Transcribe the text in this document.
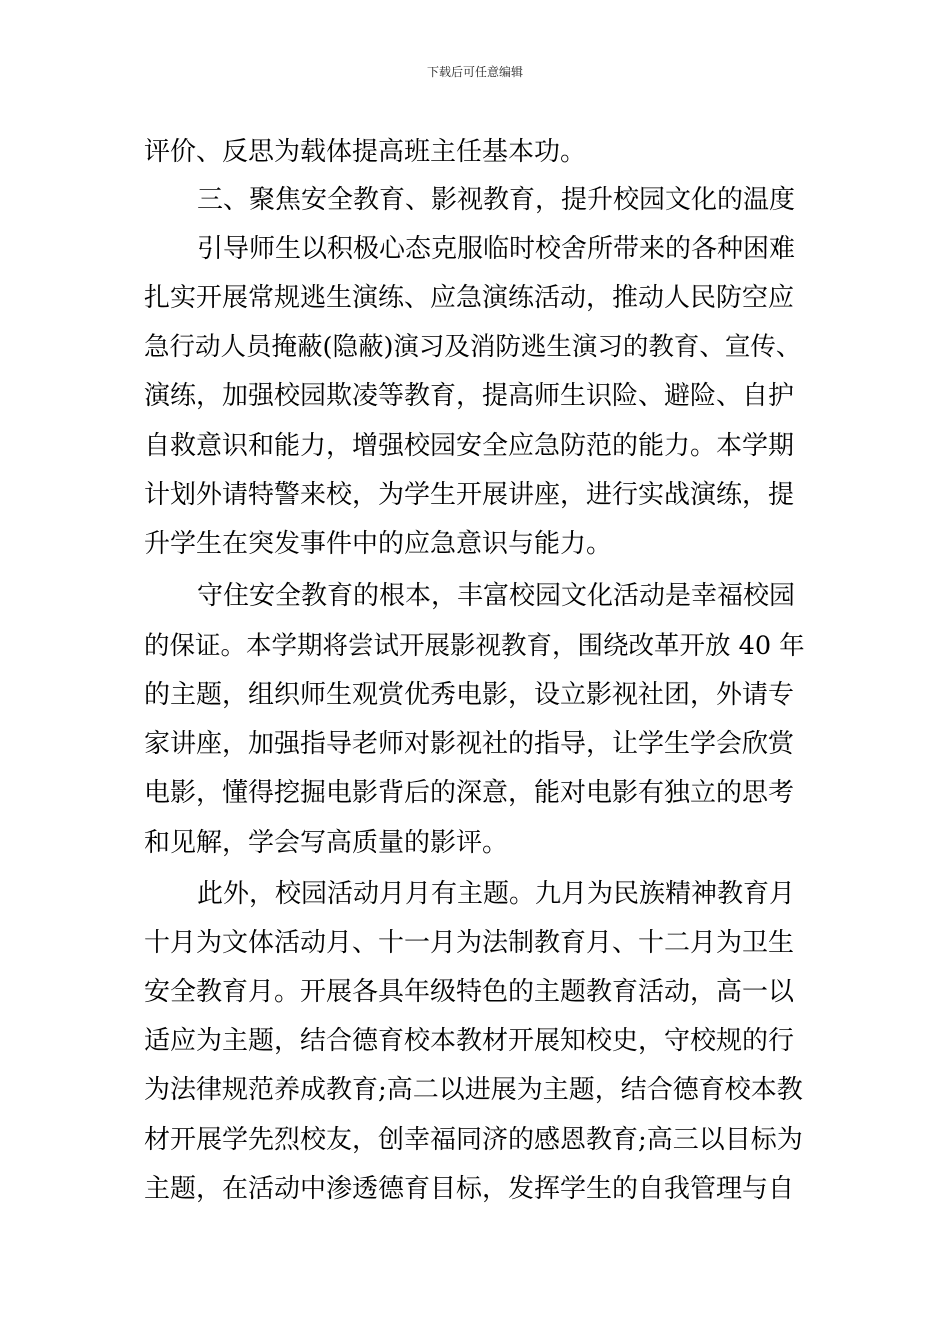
下载后可任意编辑
评价、反思为载体提高班主任基本功。
三、聚焦安全教育、影视教育，提升校园文化的温度
引导师生以积极心态克服临时校舍所带来的各种困难
扎实开展常规逃生演练、应急演练活动，推动人民防空应
急行动人员掩蔽(隐蔽)演习及消防逃生演习的教育、宣传、
演练，加强校园欺凌等教育，提高师生识险、避险、自护
自救意识和能力，增强校园安全应急防范的能力。本学期
计划外请特警来校，为学生开展讲座，进行实战演练，提
升学生在突发事件中的应急意识与能力。
守住安全教育的根本，丰富校园文化活动是幸福校园
的保证。本学期将尝试开展影视教育，围绕改革开放 40 年
的主题，组织师生观赏优秀电影，设立影视社团，外请专
家讲座，加强指导老师对影视社的指导，让学生学会欣赏
电影，懂得挖掘电影背后的深意，能对电影有独立的思考
和见解，学会写高质量的影评。
此外，校园活动月月有主题。九月为民族精神教育月
十月为文体活动月、十一月为法制教育月、十二月为卫生
安全教育月。开展各具年级特色的主题教育活动，高一以
适应为主题，结合德育校本教材开展知校史，守校规的行
为法律规范养成教育;高二以进展为主题，结合德育校本教
材开展学先烈校友，创幸福同济的感恩教育;高三以目标为
主题，在活动中渗透德育目标，发挥学生的自我管理与自
